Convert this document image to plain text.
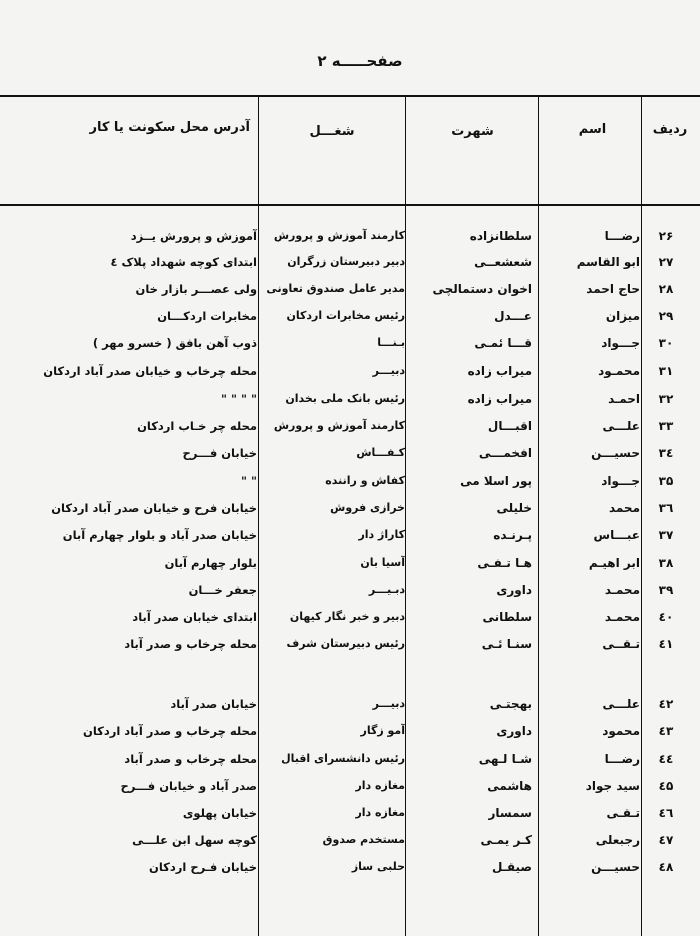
صفحـــــه ۲
ردیف
اسم
شهرت
شغـــل
آدرس محل سکونت یا کار
۲۶
رضـــا
سلطانزاده
کارمند آموزش و پرورش
آموزش و پرورش یــزد
۲۷
ابو القاسم
شعشعــی
دبیر دبیرستان زرگران
ابتدای کوچه شهداد پلاک ٤
۲۸
حاج احمد
اخوان دستمالچی
مدیر عامل صندوق تعاونی
ولی عصـــر بازار خان
۲۹
میزان
عـــدل
رئیس مخابرات اردکان
مخابرات اردکـــان
۳۰
جـــواد
قـــا ئمـی
بـنـــا
ذوب آهن بافق ( خسرو مهر )
۳۱
محمـود
میراب زاده
دبیـــر
محله چرخاب و خیابان صدر آباد اردکان
۳۲
احمـد
میراب زاده
رئیس بانک ملی بخدان
" " " "
۳۳
علـــی
اقبـــال
کارمند آموزش و پرورش
محله چر خـاب اردکان
۳٤
حسیـــن
افخمـــی
کـفـــاش
خیابان فـــرح
۳۵
جـــواد
پور اسلا می
کفاش و راننده
" "
۳٦
محمد
خلیلی
خرازی فروش
خیابان فرح و خیابان صدر آباد اردکان
۳۷
عبـــاس
پـرنـده
کاراژ دار
خیابان صدر آباد و بلوار چهارم آبان
۳۸
ابر اهیـم
هـا تـفـی
آسیا بان
بلوار چهارم آبان
۳۹
محمـد
داوری
دبـیـــر
جعفر خـــان
٤۰
محمـد
سلطانی
دبیر و خبر نگار کیهان
ابتدای خیابان صدر آباد
٤۱
تـقــی
سنـا ئـی
رئیس دبیرستان شرف
محله چرخاب و صدر آباد
٤۲
علـــی
بهجتـی
دبیـــر
خیابان صدر آباد
٤۳
محمود
داوری
آمو زگار
محله چرخاب و صدر آباد اردکان
٤٤
رضـــا
شـا لـهی
رئیس دانشسرای اقبال
محله چرخاب و صدر آباد
٤۵
سید جواد
هاشمی
مغازه دار
صدر آباد و خیابان فـــرح
٤٦
تـقـی
سمسار
مغازه دار
خیابان پهلوی
٤۷
رجبعلی
کـر یمـی
مستخدم صدوق
کوچه سهل ابن علـــی
٤۸
حسیـــن
صیقـل
حلبی ساز
خیابان فـرح اردکان
